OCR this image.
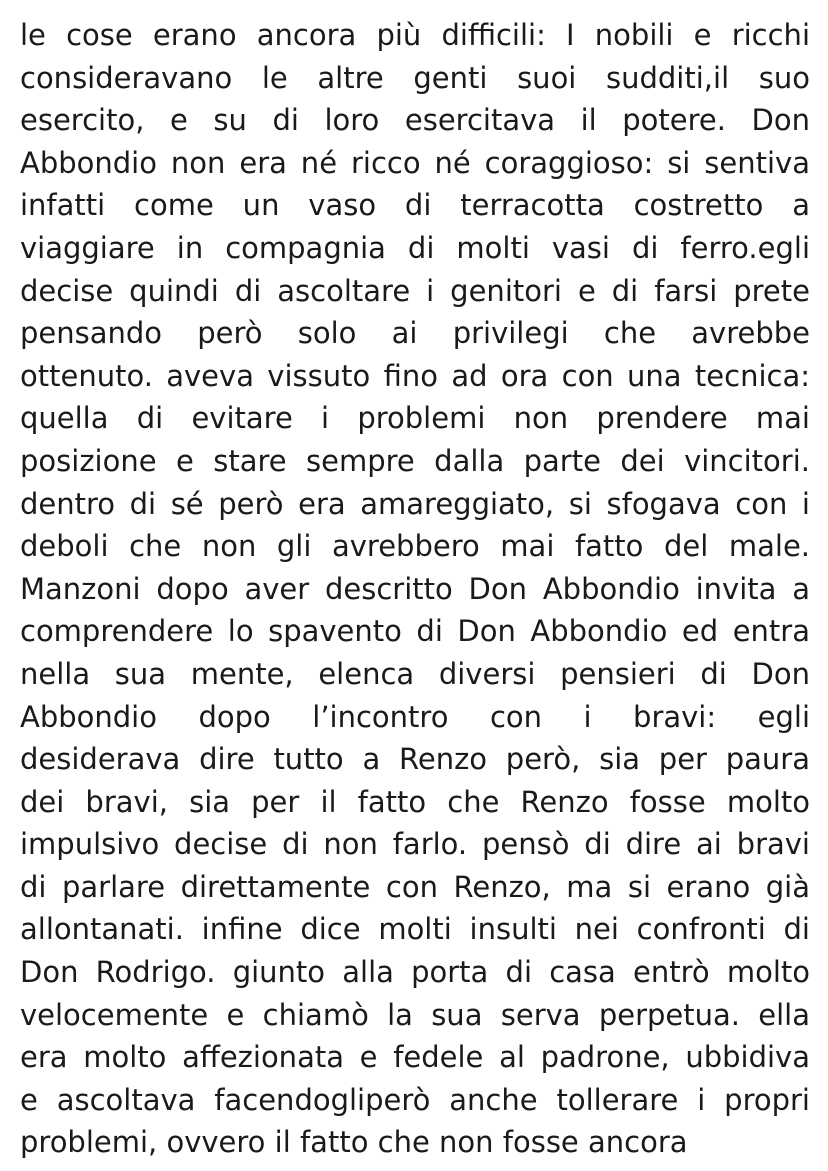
le cose erano ancora più difficili: I nobili e ricchi
consideravano le altre genti suoi sudditi,il suo
esercito, e su di loro esercitava il potere. Don
Abbondio non era né ricco né coraggioso: si sentiva
infatti come un vaso di terracotta costretto a
viaggiare in compagnia di molti vasi di ferro.egli
decise quindi di ascoltare i genitori e di farsi prete
pensando però solo ai privilegi che avrebbe
ottenuto. aveva vissuto fino ad ora con una tecnica:
quella di evitare i problemi non prendere mai
posizione e stare sempre dalla parte dei vincitori.
dentro di sé però era amareggiato, si sfogava con i
deboli che non gli avrebbero mai fatto del male.
Manzoni dopo aver descritto Don Abbondio invita a
comprendere lo spavento di Don Abbondio ed entra
nella sua mente, elenca diversi pensieri di Don
Abbondio dopo l’incontro con i bravi: egli
desiderava dire tutto a Renzo però, sia per paura
dei bravi, sia per il fatto che Renzo fosse molto
impulsivo decise di non farlo. pensò di dire ai bravi
di parlare direttamente con Renzo, ma si erano già
allontanati. infine dice molti insulti nei confronti di
Don Rodrigo. giunto alla porta di casa entrò molto
velocemente e chiamò la sua serva perpetua. ella
era molto affezionata e fedele al padrone, ubbidiva
e ascoltava facendogliperò anche tollerare i propri
problemi, ovvero il fatto che non fosse ancora
